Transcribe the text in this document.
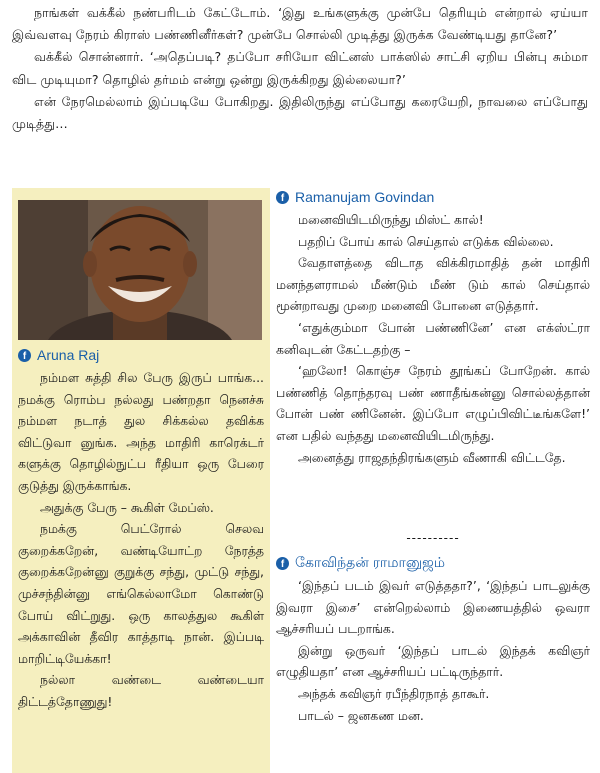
நாங்கள் வக்கீல் நண்பரிடம் கேட்டோம். ‘இது உங்களுக்கு முன்பே தெரியும் என்றால் ஏய்யா இவ்வளவு நேரம் கிராஸ் பண்ணினீர்கள்? முன்பே சொல்லி முடித்து இருக்க வேண்டியது தானே?’

வக்கீல் சொன்னார். ‘அதெப்படி? தப்போ சரியோ விட்னஸ் பாக்ஸில் சாட்சி ஏறிய பின்பு சும்மா விட முடியுமா? தொழில் தர்மம் என்று ஒன்று இருக்கிறது இல்லையா?’

என் நேரமெல்லாம் இப்படியே போகிறது. இதிலிருந்து எப்போது கரையேறி, நாவலை எப்போது முடித்து…

f Aruna Raj

நம்மள சுத்தி சில பேரு இருப் பாங்க... நமக்கு ரொம்ப நல்லது பண்றதா நெனச்சு நம்மள நடாத் துல சிக்கல்ல தவிக்க விட்டுவா னுங்க. அந்த மாதிரி காரெக்டர் களுக்கு தொழில்நுட்ப ரீதியா ஒரு பேரை குடுத்து இருக்காங்க.

அதுக்கு பேரு – கூகிள் மேப்ஸ்.

நமக்கு பெட்ரோல் செலவ குறைக்கறேன், வண்டியோட்ற நேரத்த குறைக்கறேன்னு குறுக்கு சந்து, முட்டு சந்து, முச்சந்தின்னு எங்கெல்லாமோ கொண்டு போய் விட்றுது. ஒரு காலத்துல கூகிள் அக்காவின் தீவிர காத்தாடி நான். இப்படி மாறிட்டியேக்கா!

நல்லா வண்டை வண்டையா திட்டத்தோணுது!

f Ramanujam Govindan

மனைவியிடமிருந்து மிஸ்ட் கால்!

பதறிப் போய் கால் செய்தால் எடுக்க வில்லை.

வேதாளத்தை விடாத விக்கிரமாதித் தன் மாதிரி மனந்தளராமல் மீண்டும் மீண் டும் கால் செய்தால் மூன்றாவது முறை மனைவி போனை எடுத்தார்.

‘எதுக்கும்மா போன் பண்ணினே’ என எக்ஸ்ட்ரா கனிவுடன் கேட்டதற்கு –

‘ஹலோ! கொஞ்ச நேரம் தூங்கப் போறேன். கால் பண்ணித் தொந்தரவு பண் ணாதீங்கன்னு சொல்லத்தான் போன் பண் ணினேன். இப்போ எழுப்பிவிட்டீங்களே!’ என பதில் வந்தது மனைவியிடமிருந்து.

அனைத்து ராஜதந்திரங்களும் வீணாகி விட்டதே.

----------
f கோவிந்தன் ராமானுஜம்

‘இந்தப் படம் இவர் எடுத்ததா?’, ‘இந்தப் பாடலுக்கு இவரா இசை’ என்றெல்லாம் இணையத்தில் ஒவரா ஆச்சரியப் படறாங்க.

இன்று ஒருவர் ‘இந்தப் பாடல் இந்தக் கவிஞர் எழுதியதா’ என ஆச்சரியப் பட்டிருந்தார்.

அந்தக் கவிஞர் ரபீந்திரநாத் தாகூர்.

பாடல் – ஜனகண மன.
